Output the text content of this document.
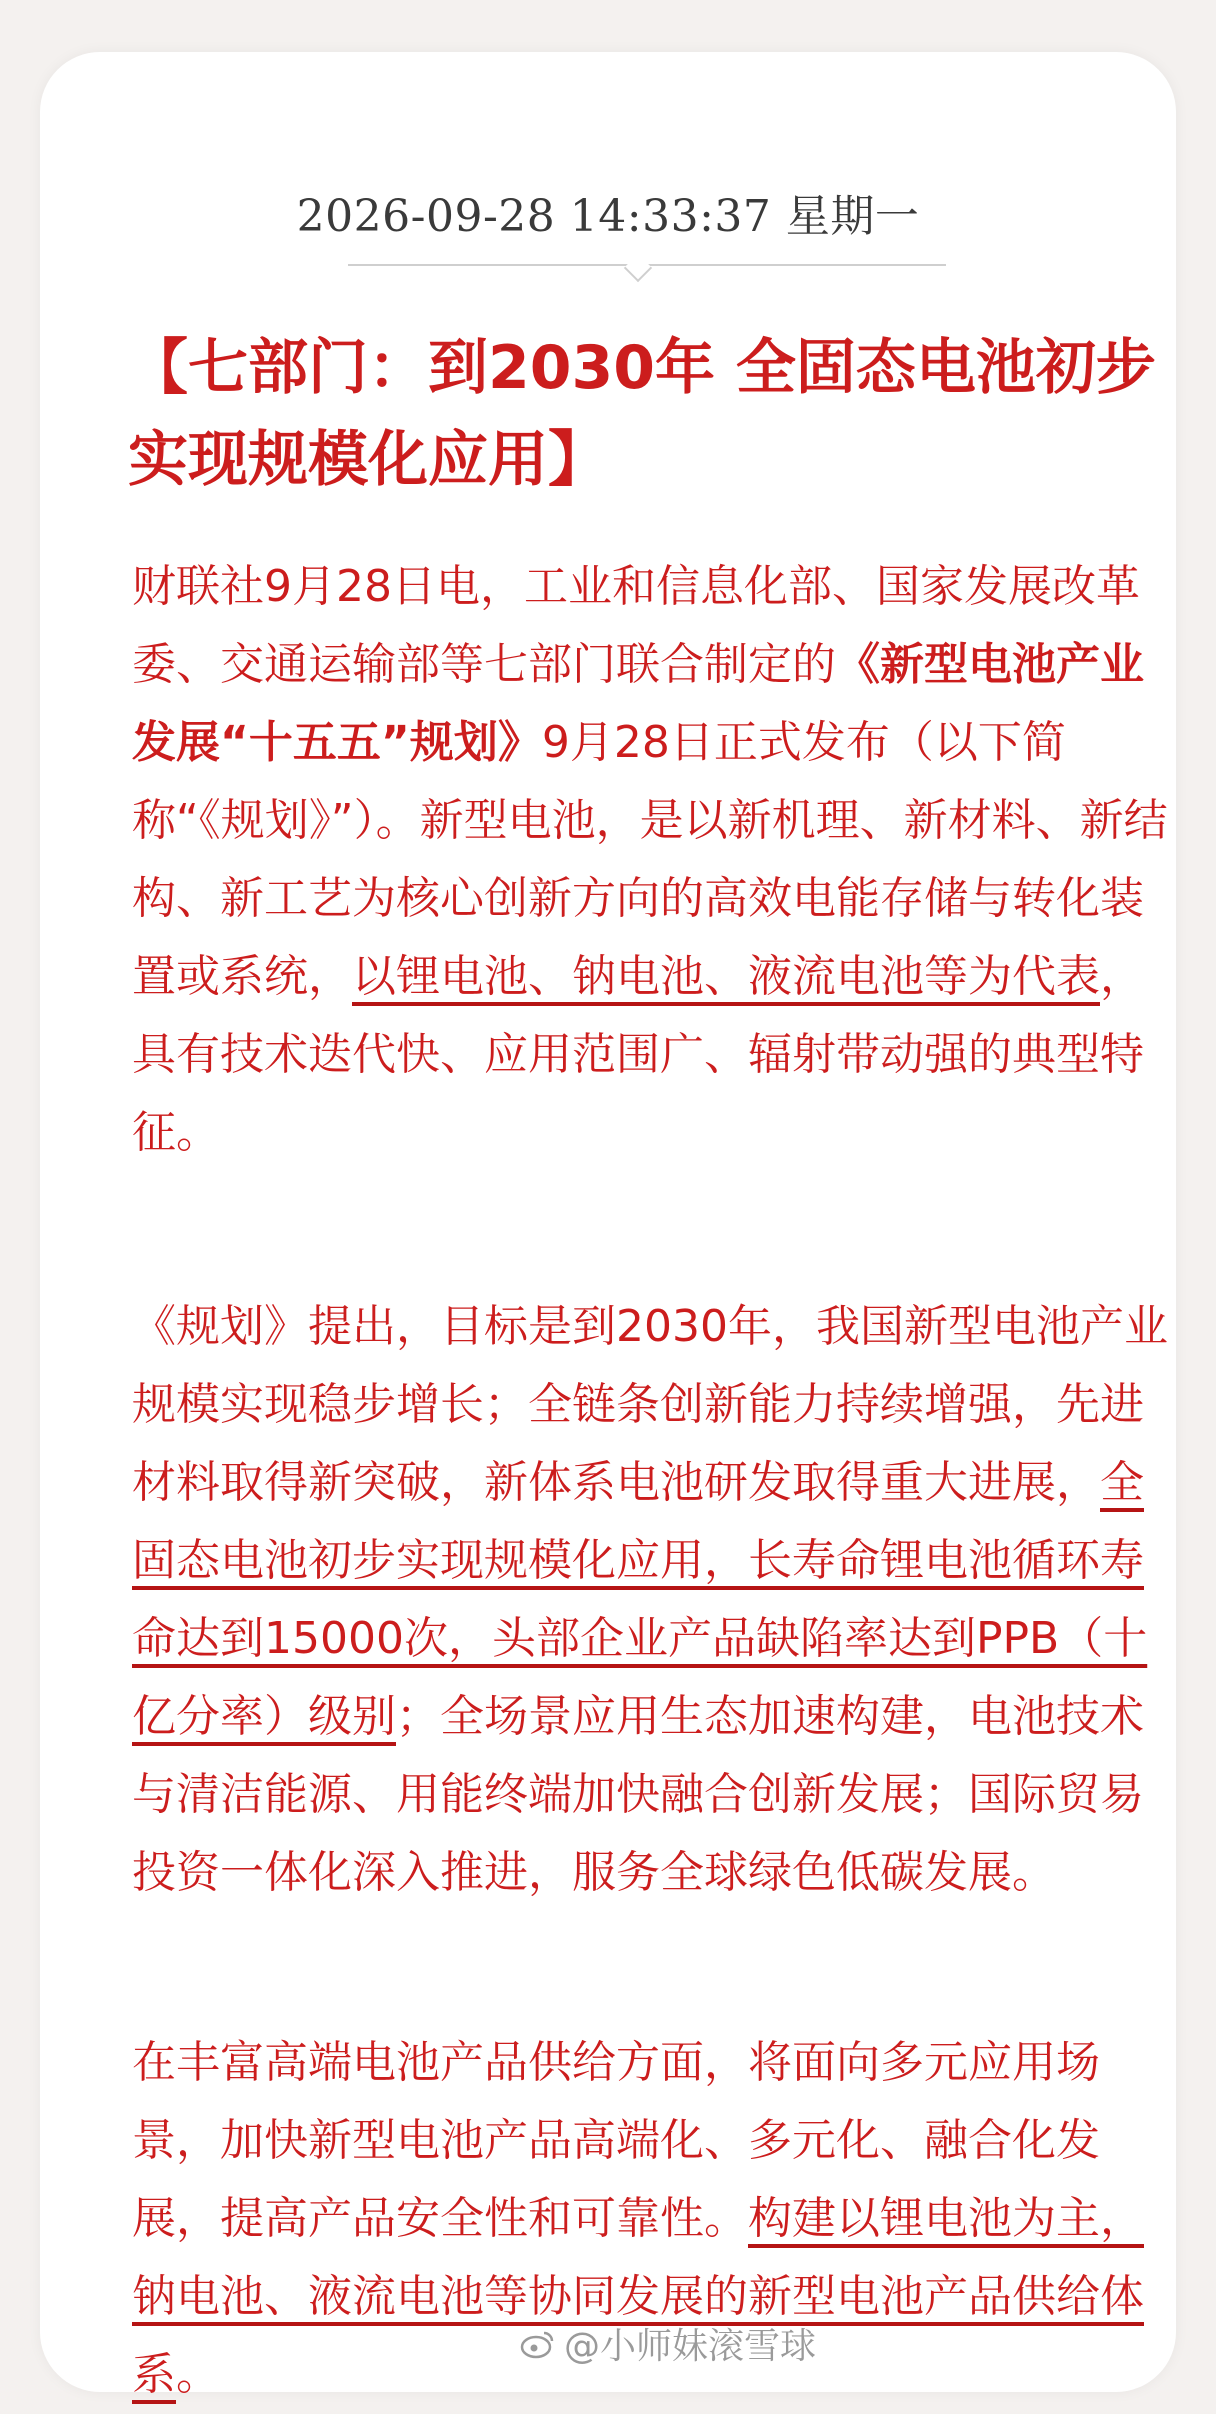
2026-09-28 14:33:37 星期一
【七部门：到2030年 全固态电池初步实现规模化应用】
财联社9月28日电，工业和信息化部、国家发展改革委、交通运输部等七部门联合制定的《新型电池产业发展“十五五”规划》9月28日正式发布（以下简称“《规划》”）。新型电池，是以新机理、新材料、新结构、新工艺为核心创新方向的高效电能存储与转化装置或系统，以锂电池、钠电池、液流电池等为代表，具有技术迭代快、应用范围广、辐射带动强的典型特征。
《规划》提出，目标是到2030年，我国新型电池产业规模实现稳步增长；全链条创新能力持续增强，先进材料取得新突破，新体系电池研发取得重大进展，全固态电池初步实现规模化应用，长寿命锂电池循环寿命达到15000次，头部企业产品缺陷率达到PPB（十亿分率）级别；全场景应用生态加速构建，电池技术与清洁能源、用能终端加快融合创新发展；国际贸易投资一体化深入推进，服务全球绿色低碳发展。
在丰富高端电池产品供给方面，将面向多元应用场景，加快新型电池产品高端化、多元化、融合化发展，提高产品安全性和可靠性。构建以锂电池为主，钠电池、液流电池等协同发展的新型电池产品供给体系。
@小师妹滚雪球
